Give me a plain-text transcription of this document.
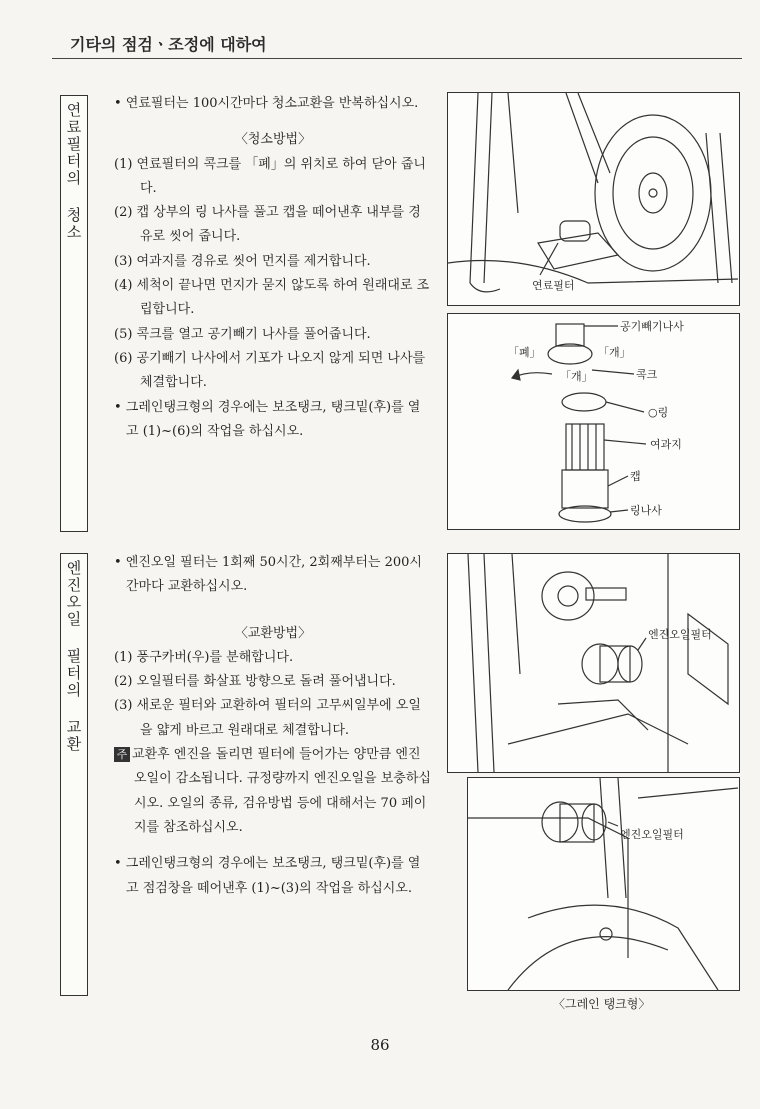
기타의 점검ㆍ조정에 대하여
연료필터의 청소 • 연료필터는 100시간마다 청소교환을 반복하십시오.

〈청소방법〉

(1) 연료필터의 콕크를 「폐」의 위치로 하여 닫아 줍니다.

(2) 캡 상부의 링 나사를 풀고 캡을 떼어낸후 내부를 경유로 씻어 줍니다.

(3) 여과지를 경유로 씻어 먼지를 제거합니다.

(4) 세척이 끝나면 먼지가 묻지 않도록 하여 원래대로 조립합니다.

(5) 콕크를 열고 공기빼기 나사를 풀어줍니다.

(6) 공기빼기 나사에서 기포가 나오지 않게 되면 나사를 체결합니다.

• 그레인탱크형의 경우에는 보조탱크, 탱크밑(후)를 열고 (1)~(6)의 작업을 하십시오.

연료필터
공기빼기나사
「폐」	「개」
「개」	콕크
○링
여과지
캡
링나사
엔진오일 필터의 교환 • 엔진오일 필터는 1회째 50시간, 2회째부터는 200시간마다 교환하십시오.

〈교환방법〉

(1) 풍구카버(우)를 분해합니다.

(2) 오일필터를 화살표 방향으로 돌려 풀어냅니다.

(3) 새로운 필터와 교환하여 필터의 고무씨일부에 오일을 얇게 바르고 원래대로 체결합니다.

주 교환후 엔진을 돌리면 필터에 들어가는 양만큼 엔진오일이 감소됩니다. 규정량까지 엔진오일을 보충하십시오. 오일의 종류, 검유방법 등에 대해서는 70 페이지를 참조하십시오.

• 그레인탱크형의 경우에는 보조탱크, 탱크밑(후)를 열고 점검창을 떼어낸후 (1)~(3)의 작업을 하십시오.

엔진오일필터
엔진오일필터
〈그레인 탱크형〉
86
